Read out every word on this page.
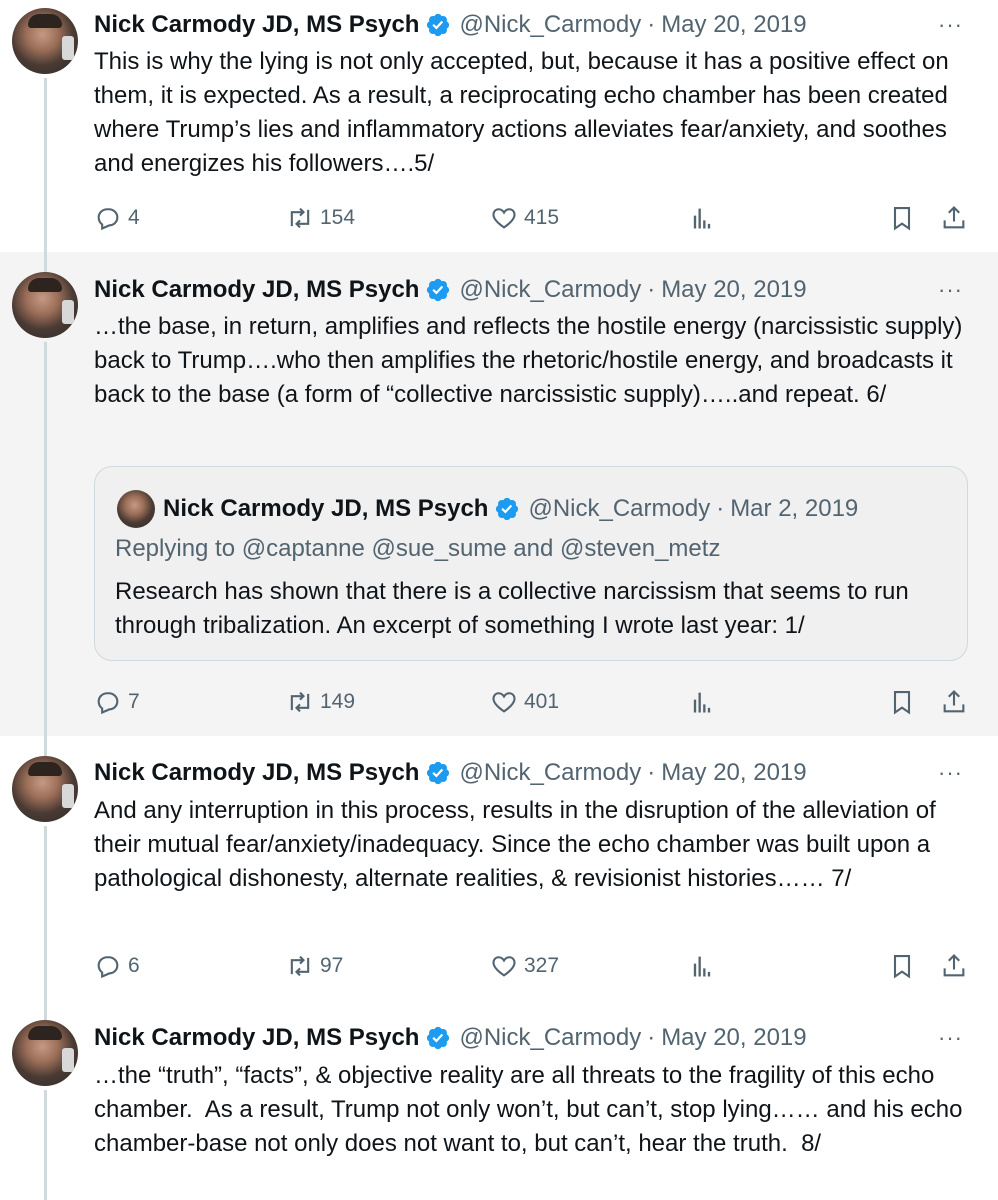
Nick Carmody JD, MS Psych @Nick_Carmody · May 20, 2019	···
This is why the lying is not only accepted, but, because it has a positive effect on them, it is expected. As a result, a reciprocating echo chamber has been created where Trump’s lies and inflammatory actions alleviates fear/anxiety, and soothes and energizes his followers….5/
4	154	415
Nick Carmody JD, MS Psych @Nick_Carmody · May 20, 2019	···
…the base, in return, amplifies and reflects the hostile energy (narcissistic supply) back to Trump….who then amplifies the rhetoric/hostile energy, and broadcasts it back to the base (a form of “collective narcissistic supply)…..and repeat. 6/
Nick Carmody JD, MS Psych @Nick_Carmody · Mar 2, 2019
Replying to @captanne @sue_sume and @steven_metz
Research has shown that there is a collective narcissism that seems to run through tribalization. An excerpt of something I wrote last year: 1/
7	149	401
Nick Carmody JD, MS Psych @Nick_Carmody · May 20, 2019	···
And any interruption in this process, results in the disruption of the alleviation of their mutual fear/anxiety/inadequacy. Since the echo chamber was built upon a pathological dishonesty, alternate realities, & revisionist histories…… 7/
6	97	327
Nick Carmody JD, MS Psych @Nick_Carmody · May 20, 2019	···
…the “truth”, “facts”, & objective reality are all threats to the fragility of this echo chamber.  As a result, Trump not only won’t, but can’t, stop lying…… and his echo chamber-base not only does not want to, but can’t, hear the truth.  8/
